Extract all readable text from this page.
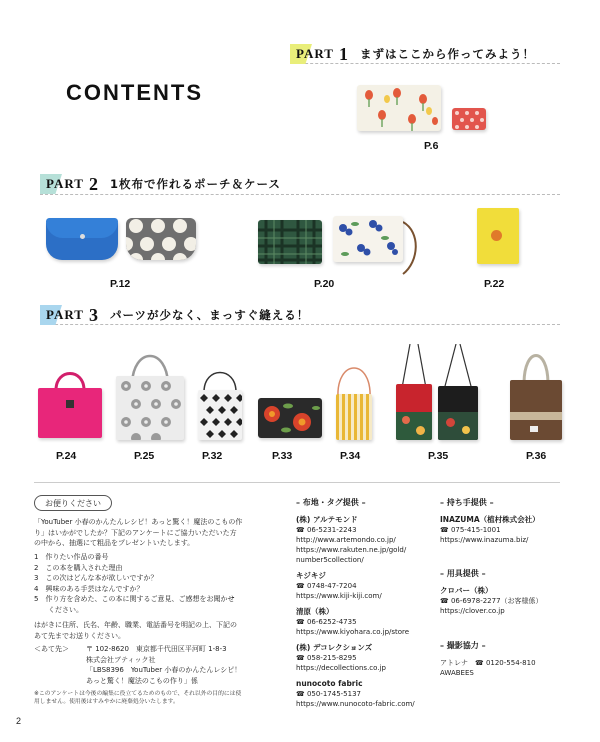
CONTENTS
PART 1 まずはここから作ってみよう！
P.6
PART 2 1枚布で作れるポーチ＆ケース
P.12	P.20	P.22
PART 3 パーツが少なく、まっすぐ縫える！
P.24	P.25	P.32	P.33	P.34	P.35	P.36
お便りください
「YouTuber 小春のかんたんレシピ！あっと驚く！魔法のこもの作
り」はいかがでしたか？下記のアンケートにご協力いただいた方
の中から、抽選にて粗品をプレゼントいたします。
1　作りたい作品の番号
2　この本を購入された理由
3　この次はどんな本が欲しいですか？
4　興味のある手芸はなんですか？
5　作り方を含めた、この本に関するご意見、ご感想をお聞かせ
　　ください。
はがきに住所、氏名、年齢、職業、電話番号を明記の上、下記の
あて先までお送りください。
＜あて先＞ 〒 102-8620　東京都千代田区平河町 1-8-3
株式会社ブティック社
「LBS8396　YouTuber 小春のかんたんレシピ！
あっと驚く！魔法のこもの作り」係
※このアンケートは今後の編集に役立てるためのもので、それ以外の目的には使
用しません。使用後はすみやかに廃棄処分いたします。
– 布地・タグ提供 –
(株) アルテモンド
☎ 06-5231-2243
http://www.artemondo.co.jp/
https://www.rakuten.ne.jp/gold/
number5collection/
キジキジ
☎ 0748-47-7204
https://www.kiji-kiji.com/
清原（株）
☎ 06-6252-4735
https://www.kiyohara.co.jp/store
(株) デコレクションズ
☎ 058-215-8295
https://decollections.co.jp
nunocoto fabric
☎ 050-1745-5137
https://www.nunocoto-fabric.com/
– 持ち手提供 –
INAZUMA（植村株式会社）
☎ 075-415-1001
https://www.inazuma.biz/
– 用具提供 –
クロバー（株）
☎ 06-6978-2277（お客様係）
https://clover.co.jp
– 撮影協力 –
アトレナ　☎ 0120-554-810
AWABEES
2
